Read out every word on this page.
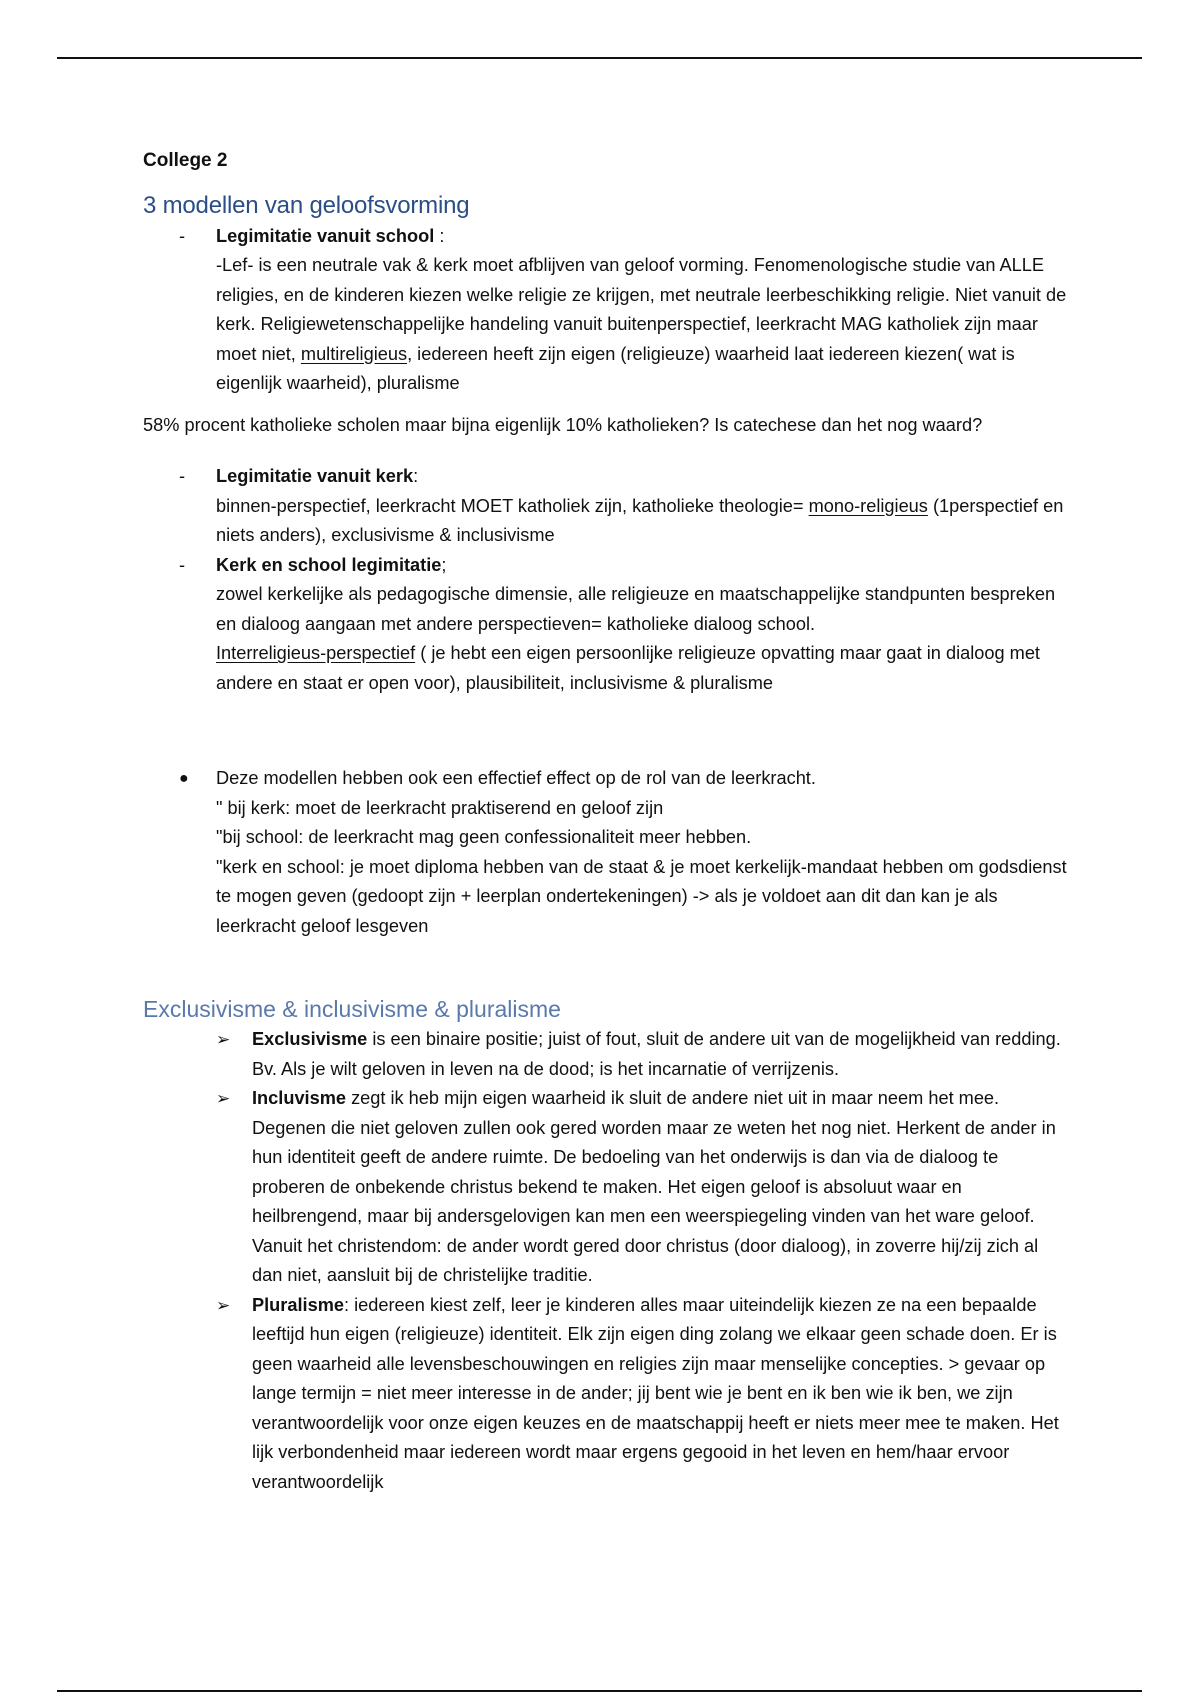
College 2
3 modellen van geloofsvorming
- Legimitatie vanuit school :
-Lef- is een neutrale vak & kerk moet afblijven van geloof vorming. Fenomenologische studie van ALLE religies, en de kinderen kiezen welke religie ze krijgen, met neutrale leerbeschikking religie. Niet vanuit de kerk. Religiewetenschappelijke handeling vanuit buitenperspectief, leerkracht MAG katholiek zijn maar moet niet, multireligieus, iedereen heeft zijn eigen (religieuze) waarheid laat iedereen kiezen( wat is eigenlijk waarheid), pluralisme
58% procent katholieke scholen maar bijna eigenlijk 10% katholieken? Is catechese dan het nog waard?
- Legimitatie vanuit kerk:
binnen-perspectief, leerkracht MOET katholiek zijn, katholieke theologie= mono-religieus (1perspectief en niets anders), exclusivisme & inclusivisme
- Kerk en school legimitatie;
zowel kerkelijke als pedagogische dimensie, alle religieuze en maatschappelijke standpunten bespreken en dialoog aangaan met andere perspectieven= katholieke dialoog school.
Interreligieus-perspectief ( je hebt een eigen persoonlijke religieuze opvatting maar gaat in dialoog met andere en staat er open voor), plausibiliteit, inclusivisme & pluralisme
● Deze modellen hebben ook een effectief effect op de rol van de leerkracht.
" bij kerk: moet de leerkracht praktiserend en geloof zijn
"bij school: de leerkracht mag geen confessionaliteit meer hebben.
"kerk en school: je moet diploma hebben van de staat & je moet kerkelijk-mandaat hebben om godsdienst te mogen geven (gedoopt zijn + leerplan ondertekeningen) -> als je voldoet aan dit dan kan je als leerkracht geloof lesgeven
Exclusivisme & inclusivisme & pluralisme
➢ Exclusivisme is een binaire positie; juist of fout, sluit de andere uit van de mogelijkheid van redding. Bv. Als je wilt geloven in leven na de dood; is het incarnatie of verrijzenis.
➢ Incluvisme zegt ik heb mijn eigen waarheid ik sluit de andere niet uit in maar neem het mee. Degenen die niet geloven zullen ook gered worden maar ze weten het nog niet. Herkent de ander in hun identiteit geeft de andere ruimte. De bedoeling van het onderwijs is dan via de dialoog te proberen de onbekende christus bekend te maken. Het eigen geloof is absoluut waar en heilbrengend, maar bij andersgelovigen kan men een weerspiegeling vinden van het ware geloof. Vanuit het christendom: de ander wordt gered door christus (door dialoog), in zoverre hij/zij zich al dan niet, aansluit bij de christelijke traditie.
➢ Pluralisme: iedereen kiest zelf, leer je kinderen alles maar uiteindelijk kiezen ze na een bepaalde leeftijd hun eigen (religieuze) identiteit. Elk zijn eigen ding zolang we elkaar geen schade doen. Er is geen waarheid alle levensbeschouwingen en religies zijn maar menselijke concepties. > gevaar op lange termijn = niet meer interesse in de ander; jij bent wie je bent en ik ben wie ik ben, we zijn verantwoordelijk voor onze eigen keuzes en de maatschappij heeft er niets meer mee te maken. Het lijk verbondenheid maar iedereen wordt maar ergens gegooid in het leven en hem/haar ervoor verantwoordelijk
